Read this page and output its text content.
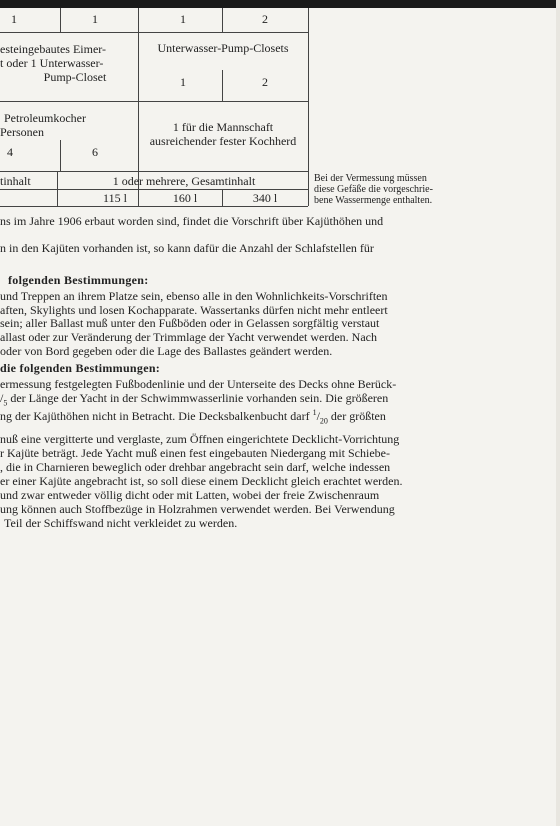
1	1	1	2
esteingebautes Eimer-
t oder 1 Unterwasser-
Pump-Closet
Unterwasser-Pump-Closets
1	2
Petroleumkocher
Personen
4	6
1 für die Mannschaft
ausreichender fester Kochherd
tinhalt	1 oder mehrere, Gesamtinhalt
115 l	160 l	340 l
Bei der Vermessung müssen
diese Gefäße die vorgeschrie-
bene Wassermenge enthalten.
ns im Jahre 1906 erbaut worden sind, findet die Vorschrift über Kajüthöhen und
n in den Kajüten vorhanden ist, so kann dafür die Anzahl der Schlafstellen für
folgenden Bestimmungen:
und Treppen an ihrem Platze sein, ebenso alle in den Wohnlichkeits-Vorschriften
aften, Skylights und losen Kochapparate. Wassertanks dürfen nicht mehr entleert
sein; aller Ballast muß unter den Fußböden oder in Gelassen sorgfältig verstaut
allast oder zur Veränderung der Trimmlage der Yacht verwendet werden. Nach
oder von Bord gegeben oder die Lage des Ballastes geändert werden.
die folgenden Bestimmungen:
ermessung festgelegten Fußbodenlinie und der Unterseite des Decks ohne Berück-
$/_5$ der Länge der Yacht in der Schwimmwasserlinie vorhanden sein. Die größeren
ng der Kajüthöhen nicht in Betracht. Die Decksbalkenbucht darf $^1/_{20}$ der größten
nuß eine vergitterte und verglaste, zum Öffnen eingerichtete Decklicht-Vorrichtung
r Kajüte beträgt. Jede Yacht muß einen fest eingebauten Niedergang mit Schiebe-
, die in Charnieren beweglich oder drehbar angebracht sein darf, welche indessen
er einer Kajüte angebracht ist, so soll diese einem Decklicht gleich erachtet werden.
und zwar entweder völlig dicht oder mit Latten, wobei der freie Zwischenraum
ung können auch Stoffbezüge in Holzrahmen verwendet werden. Bei Verwendung
Teil der Schiffswand nicht verkleidet zu werden.
